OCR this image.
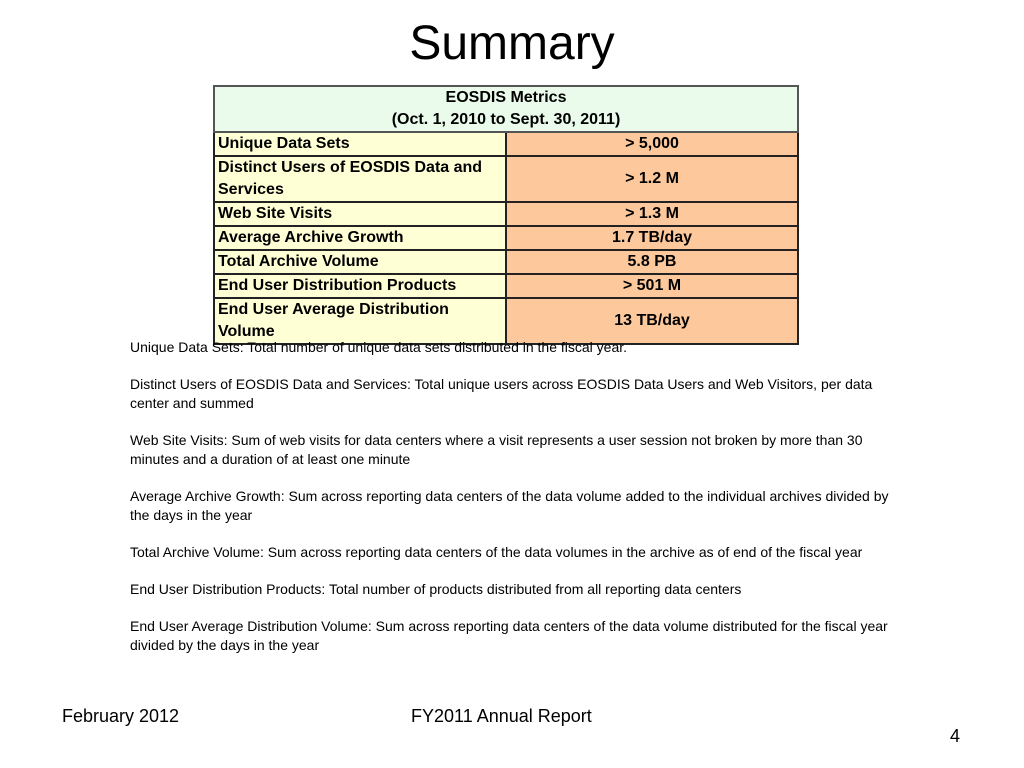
Summary
EOSDIS Metrics
(Oct. 1, 2010 to Sept. 30, 2011)	

Unique Data Sets	> 5,000
Distinct Users of EOSDIS Data and Services	> 1.2 M
Web Site Visits	> 1.3 M
Average Archive Growth	1.7 TB/day
Total Archive Volume	5.8 PB
End User Distribution Products	> 501 M
End User Average Distribution Volume	13 TB/day

Unique Data Sets: Total number of unique data sets distributed in the fiscal year.

Distinct Users of EOSDIS Data and Services: Total unique users across EOSDIS Data Users and Web Visitors, per data center and summed

Web Site Visits: Sum of web visits for data centers where a visit represents a user session not broken by more than 30 minutes and a duration of at least one minute

Average Archive Growth: Sum across reporting data centers of the data volume added to the individual archives divided by the days in the year

Total Archive Volume: Sum across reporting data centers of the data volumes in the archive as of end of the fiscal year

End User Distribution Products: Total number of products distributed from all reporting data centers

End User Average Distribution Volume: Sum across reporting data centers of the data volume distributed for the fiscal year divided by the days in the year

February 2012	FY2011 Annual Report
4
